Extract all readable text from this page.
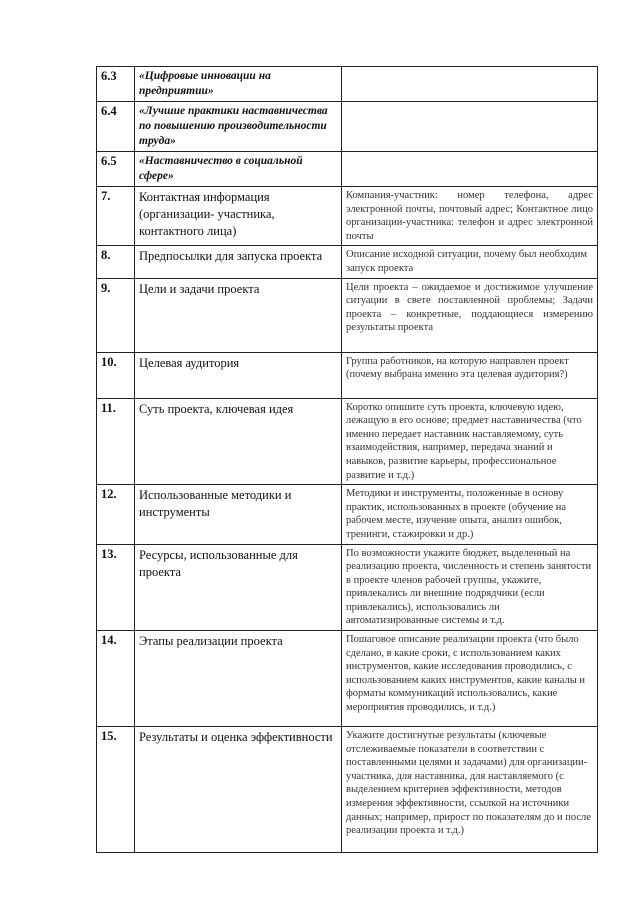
6.3	«Цифровые инновации на предприятии»	
6.4	«Лучшие практики наставничества по повышению производительности труда»	
6.5	«Наставничество в социальной сфере»	
7.	Контактная информация (организации- участника, контактного лица)	Компания-участник: номер телефона, адрес электронной почты, почтовый адрес; Контактное лицо организации-участника: телефон и адрес электронной почты
8.	Предпосылки для запуска проекта	Описание исходной ситуации, почему был необходим запуск проекта
9.	Цели и задачи проекта	Цели проекта – ожидаемое и достижимое улучшение ситуации в свете поставленной проблемы; Задачи проекта – конкретные, поддающиеся измерению результаты проекта
10.	Целевая аудитория	Группа работников, на которую направлен проект (почему выбрана именно эта целевая аудитория?)
11.	Суть проекта, ключевая идея	Коротко опишите суть проекта, ключевую идею, лежащую в его основе; предмет наставничества (что именно передает наставник наставляемому, суть взаимодействия, например, передача знаний и навыков, развитие карьеры, профессиональное развитие и т.д.)
12.	Использованные методики и инструменты	Методики и инструменты, положенные в основу практик, использованных в проекте (обучение на рабочем месте, изучение опыта, анализ ошибок, тренинги, стажировки и др.)
13.	Ресурсы, использованные для проекта	По возможности укажите бюджет, выделенный на реализацию проекта, численность и степень занятости в проекте членов рабочей группы, укажите, привлекались ли внешние подрядчики (если привлекались), использовались ли автоматизированные системы и т.д.
14.	Этапы реализации проекта	Пошаговое описание реализации проекта (что было сделано, в какие сроки, с использованием каких инструментов, какие исследования проводились, с использованием каких инструментов, какие каналы и форматы коммуникаций использовались, какие мероприятия проводились, и т.д.)
15.	Результаты и оценка эффективности	Укажите достигнутые результаты (ключевые отслеживаемые показатели в соответствии с поставленными целями и задачами) для организации-участника, для наставника, для наставляемого (с выделением критериев эффективности, методов измерения эффективности, ссылкой на источники данных; например, прирост по показателям до и после реализации проекта и т.д.)
